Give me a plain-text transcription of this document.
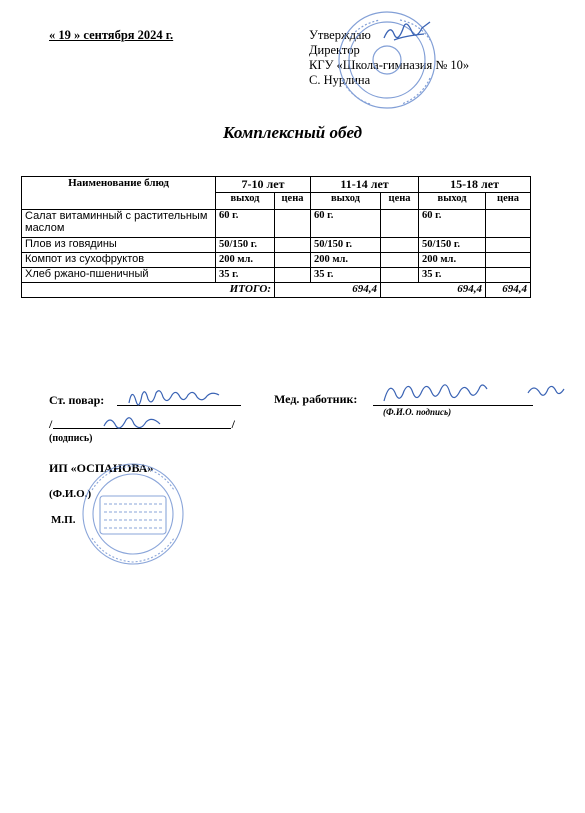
« 19 » сентября 2024 г.	Утверждаю
Директор
КГУ «Школа-гимназия № 10»
С. Нурлина
Комплексный обед
Наименование блюд	7-10 лет		11-14 лет		15-18 лет	
	выход	цена	выход	цена	выход	цена
Салат витаминный с растительным маслом	60 г.		60 г.		60 г.	
Плов из говядины	50/150 г.		50/150 г.		50/150 г.	
Компот из сухофруктов	200 мл.		200 мл.		200 мл.	
Хлеб ржано-пшеничный	35 г.		35 г.		35 г.	
ИТОГО:		694,4		694,4		694,4
Ст. повар:	Мед. работник:
(Ф.И.О. подпись)
/	/
(подпись)
ИП «ОСПАНОВА»
(Ф.И.О.)
М.П.
